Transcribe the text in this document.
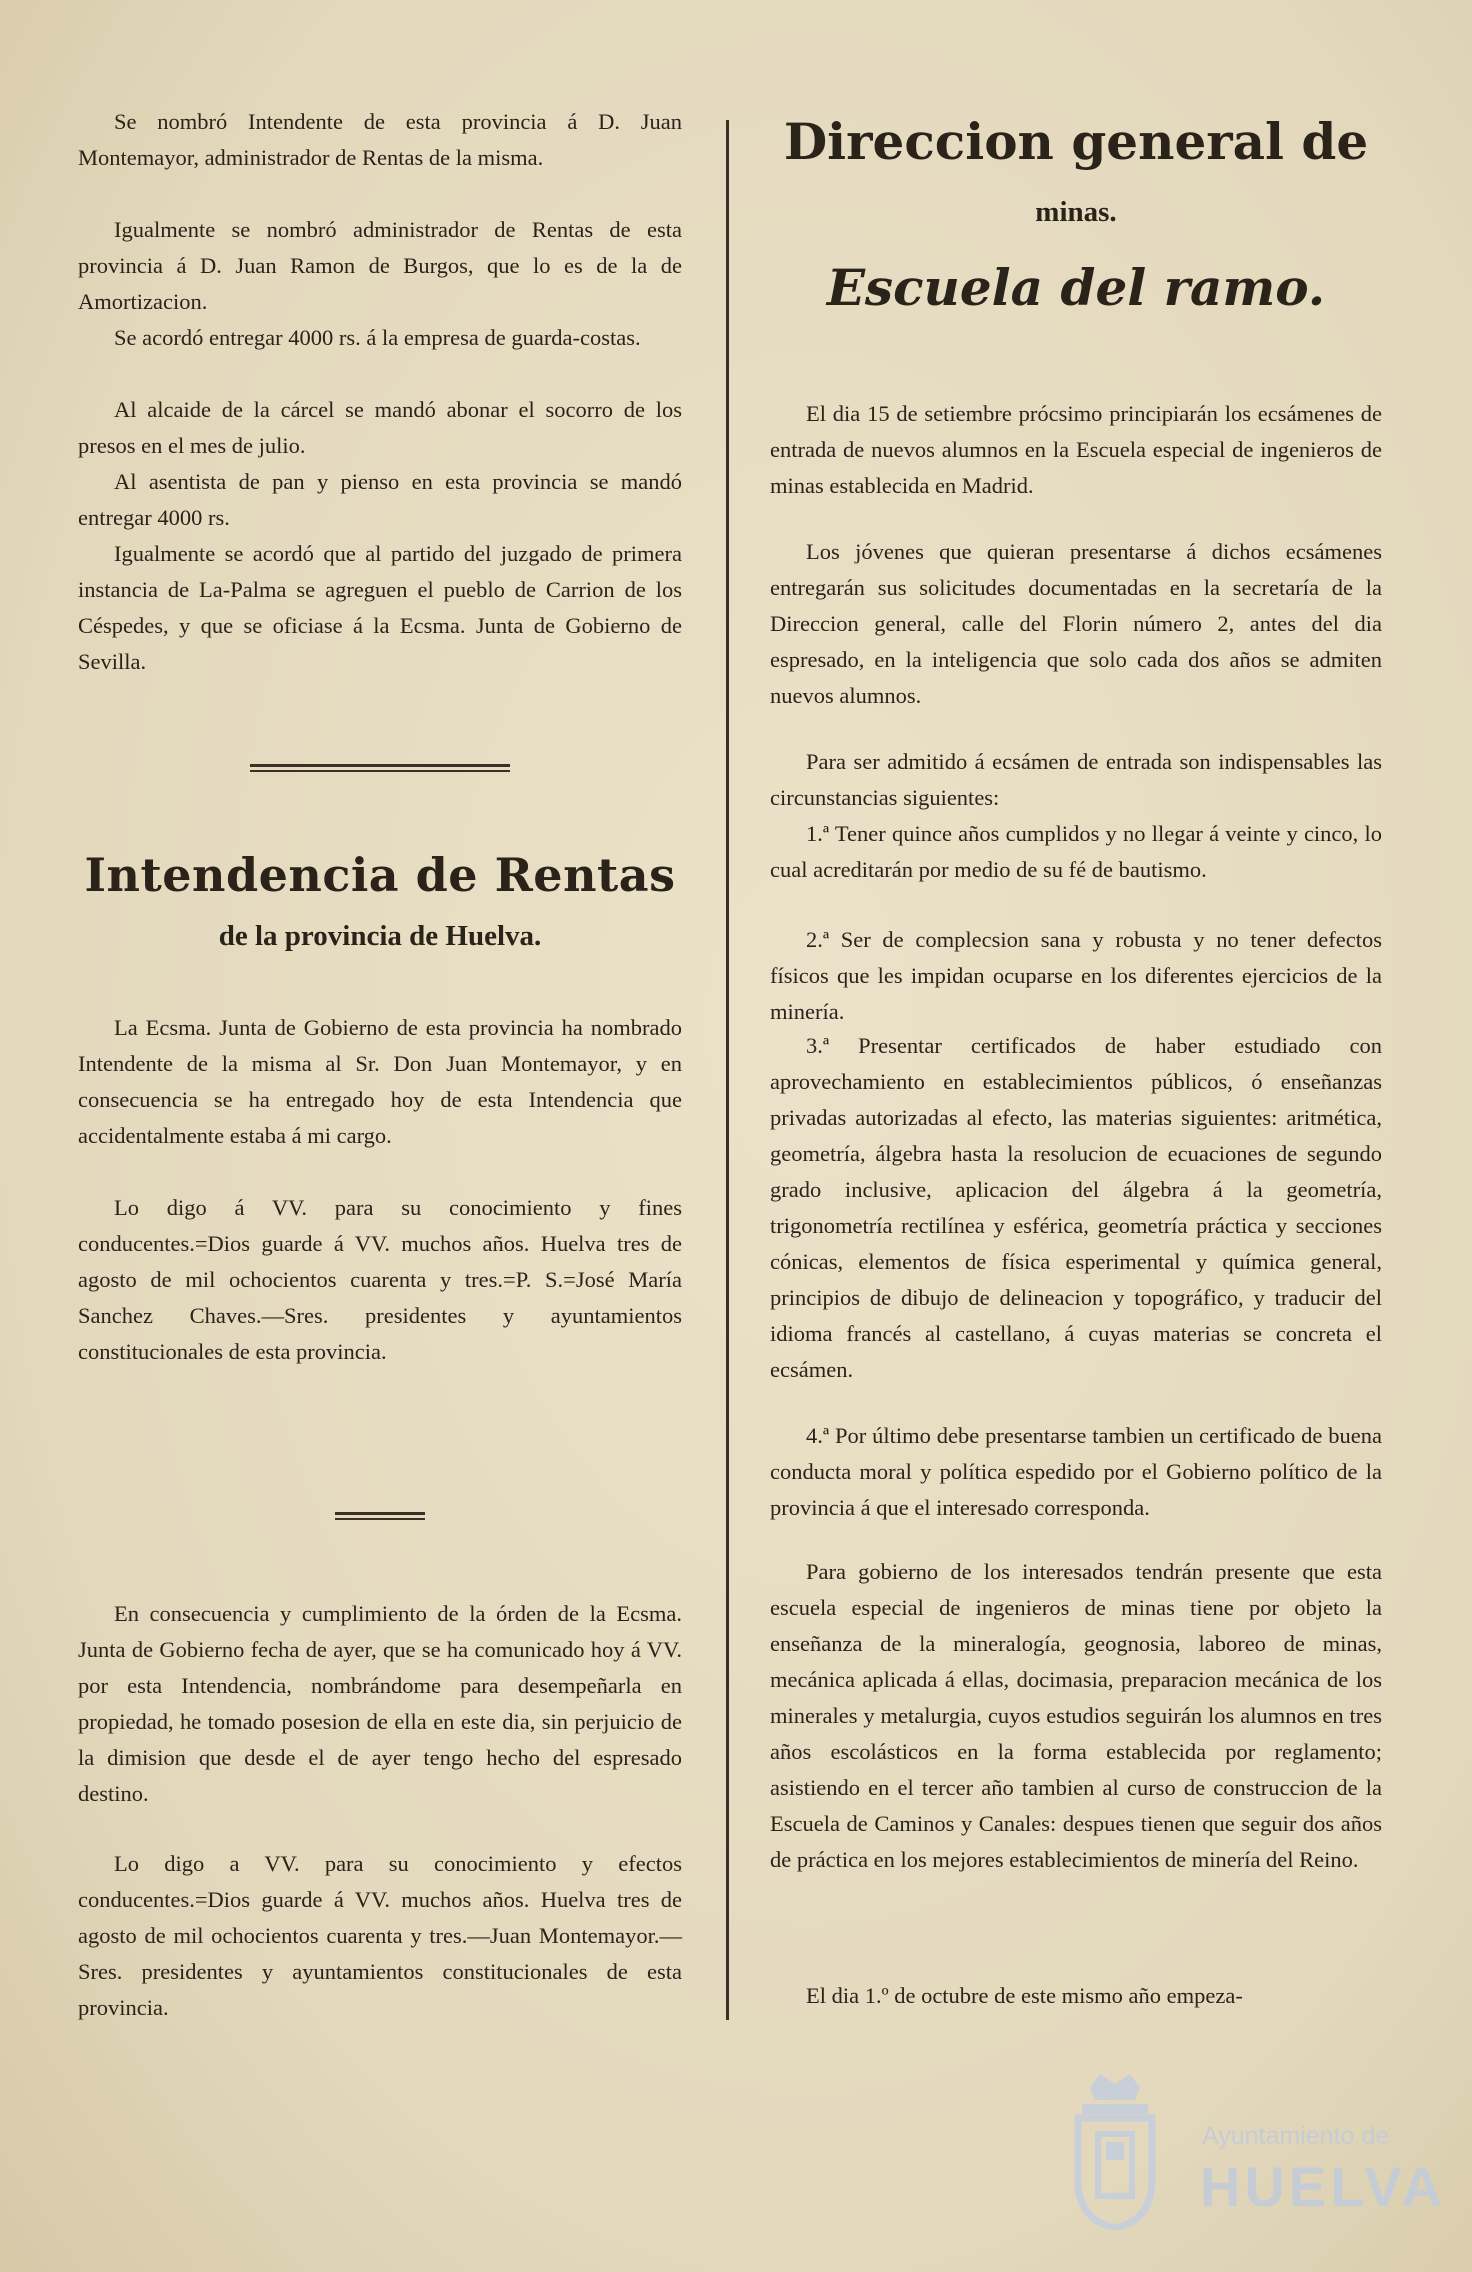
Se nombró Intendente de esta provincia á D. Juan Montemayor, administrador de Rentas de la misma.

Igualmente se nombró administrador de Rentas de esta provincia á D. Juan Ramon de Burgos, que lo es de la de Amortizacion.

Se acordó entregar 4000 rs. á la empresa de guarda-costas.

Al alcaide de la cárcel se mandó abonar el socorro de los presos en el mes de julio.

Al asentista de pan y pienso en esta provincia se mandó entregar 4000 rs.

Igualmente se acordó que al partido del juzgado de primera instancia de La-Palma se agreguen el pueblo de Carrion de los Céspedes, y que se oficiase á la Ecsma. Junta de Gobierno de Sevilla.

Intendencia de Rentas
de la provincia de Huelva.

La Ecsma. Junta de Gobierno de esta provincia ha nombrado Intendente de la misma al Sr. Don Juan Montemayor, y en consecuencia se ha entregado hoy de esta Intendencia que accidentalmente estaba á mi cargo.

Lo digo á VV. para su conocimiento y fines conducentes.=Dios guarde á VV. muchos años. Huelva tres de agosto de mil ochocientos cuarenta y tres.=P. S.=José María Sanchez Chaves.—Sres. presidentes y ayuntamientos constitucionales de esta provincia.

En consecuencia y cumplimiento de la órden de la Ecsma. Junta de Gobierno fecha de ayer, que se ha comunicado hoy á VV. por esta Intendencia, nombrándome para desempeñarla en propiedad, he tomado posesion de ella en este dia, sin perjuicio de la dimision que desde el de ayer tengo hecho del espresado destino.

Lo digo a VV. para su conocimiento y efectos conducentes.=Dios guarde á VV. muchos años. Huelva tres de agosto de mil ochocientos cuarenta y tres.—Juan Montemayor.—Sres. presidentes y ayuntamientos constitucionales de esta provincia.

Direccion general de
minas.
Escuela del ramo.

El dia 15 de setiembre prócsimo principiarán los ecsámenes de entrada de nuevos alumnos en la Escuela especial de ingenieros de minas establecida en Madrid.

Los jóvenes que quieran presentarse á dichos ecsámenes entregarán sus solicitudes documentadas en la secretaría de la Direccion general, calle del Florin número 2, antes del dia espresado, en la inteligencia que solo cada dos años se admiten nuevos alumnos.

Para ser admitido á ecsámen de entrada son indispensables las circunstancias siguientes:

1.ª Tener quince años cumplidos y no llegar á veinte y cinco, lo cual acreditarán por medio de su fé de bautismo.

2.ª Ser de complecsion sana y robusta y no tener defectos físicos que les impidan ocuparse en los diferentes ejercicios de la minería.

3.ª Presentar certificados de haber estudiado con aprovechamiento en establecimientos públicos, ó enseñanzas privadas autorizadas al efecto, las materias siguientes: aritmética, geometría, álgebra hasta la resolucion de ecuaciones de segundo grado inclusive, aplicacion del álgebra á la geometría, trigonometría rectilínea y esférica, geometría práctica y secciones cónicas, elementos de física esperimental y química general, principios de dibujo de delineacion y topográfico, y traducir del idioma francés al castellano, á cuyas materias se concreta el ecsámen.

4.ª Por último debe presentarse tambien un certificado de buena conducta moral y política espedido por el Gobierno político de la provincia á que el interesado corresponda.

Para gobierno de los interesados tendrán presente que esta escuela especial de ingenieros de minas tiene por objeto la enseñanza de la mineralogía, geognosia, laboreo de minas, mecánica aplicada á ellas, docimasia, preparacion mecánica de los minerales y metalurgia, cuyos estudios seguirán los alumnos en tres años escolásticos en la forma establecida por reglamento; asistiendo en el tercer año tambien al curso de construccion de la Escuela de Caminos y Canales: despues tienen que seguir dos años de práctica en los mejores establecimientos de minería del Reino.

El dia 1.º de octubre de este mismo año empeza-

Ayuntamiento de
HUELVA
